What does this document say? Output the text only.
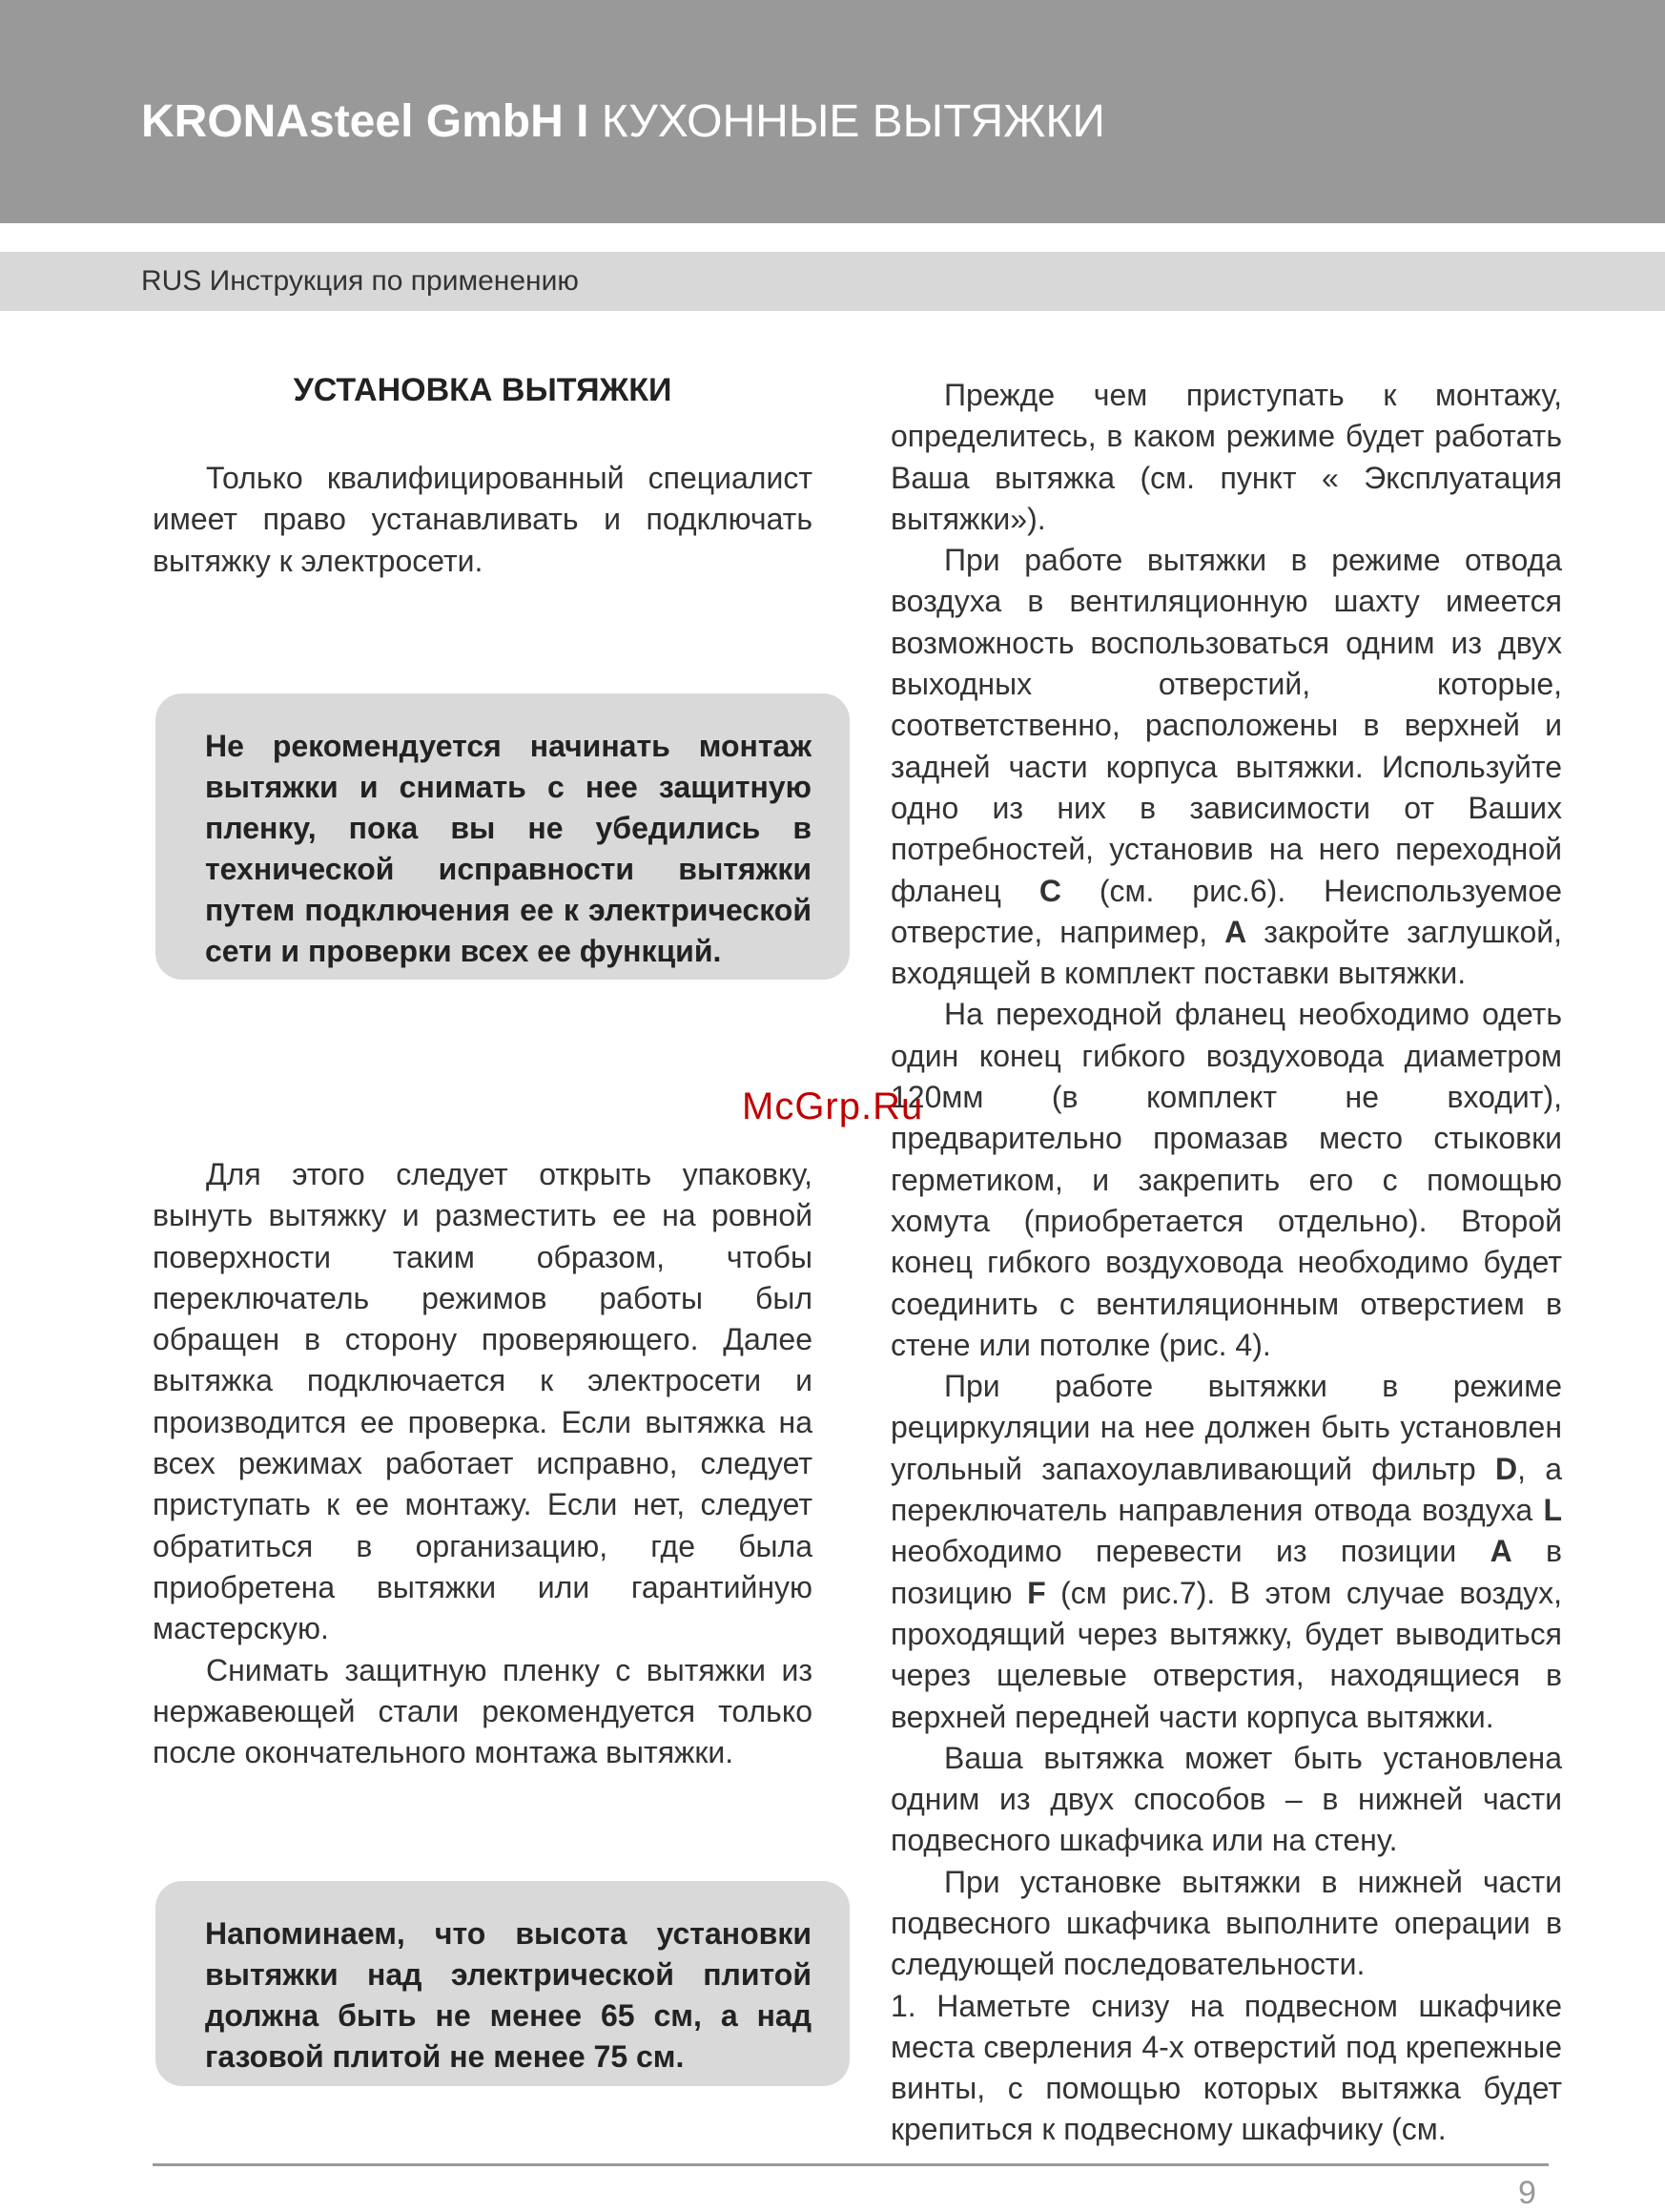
KRONAsteel GmbH I КУХОННЫЕ ВЫТЯЖКИ
RUS Инструкция по применению
УСТАНОВКА ВЫТЯЖКИ

Только квалифицированный специалист имеет право устанавливать и подключать вытяжку к электросети.

Не рекомендуется начинать монтаж вытяжки и снимать с нее защитную пленку, пока вы не убедились в технической исправности вытяжки путем подключения ее к электрической сети и проверки всех ее функций.

Для этого следует открыть упаковку, вынуть вытяжку и разместить ее на ровной поверхности таким образом, чтобы переключатель режимов работы был обращен в сторону проверяющего. Далее вытяжка подключается к электросети и производится ее проверка. Если вытяжка на всех режимах работает исправно, следует приступать к ее монтажу. Если нет, следует обратиться в организацию, где была приобретена вытяжки или гарантийную мастерскую.

Снимать защитную пленку с вытяжки из нержавеющей стали рекомендуется только после окончательного монтажа вытяжки.

Напоминаем, что высота установки вытяжки над электрической плитой должна быть не менее 65 см, а над газовой плитой не менее 75 см.

Прежде чем приступать к монтажу, определитесь, в каком режиме будет работать Ваша вытяжка (см. пункт « Эксплуатация вытяжки»).

При работе вытяжки в режиме отвода воздуха в вентиляционную шахту имеется возможность воспользоваться одним из двух выходных отверстий, которые, соответственно, расположены в верхней и задней части корпуса вытяжки. Используйте одно из них в зависимости от Ваших потребностей, установив на него переходной фланец C (см. рис.6). Неиспользуемое отверстие, например, A закройте заглушкой, входящей в комплект поставки вытяжки.

На переходной фланец необходимо одеть один конец гибкого воздуховода диаметром 120мм (в комплект не входит), предварительно промазав место стыковки герметиком, и закрепить его с помощью хомута (приобретается отдельно). Второй конец гибкого воздуховода необходимо будет соединить с вентиляционным отверстием в стене или потолке (рис. 4).

При работе вытяжки в режиме рециркуляции на нее должен быть установлен угольный запахоулавливающий фильтр D, а переключатель направления отвода воздуха L необходимо перевести из позиции A в позицию F (см рис.7). В этом случае воздух, проходящий через вытяжку, будет выводиться через щелевые отверстия, находящиеся в верхней передней части корпуса вытяжки.

Ваша вытяжка может быть установлена одним из двух способов – в нижней части подвесного шкафчика или на стену.

При установке вытяжки в нижней части подвесного шкафчика выполните операции в следующей последовательности.

1. Наметьте снизу на подвесном шкафчике места сверления 4-х отверстий под крепежные винты, с помощью которых вытяжка будет крепиться к подвесному шкафчику (см.

McGrp.Ru
9
